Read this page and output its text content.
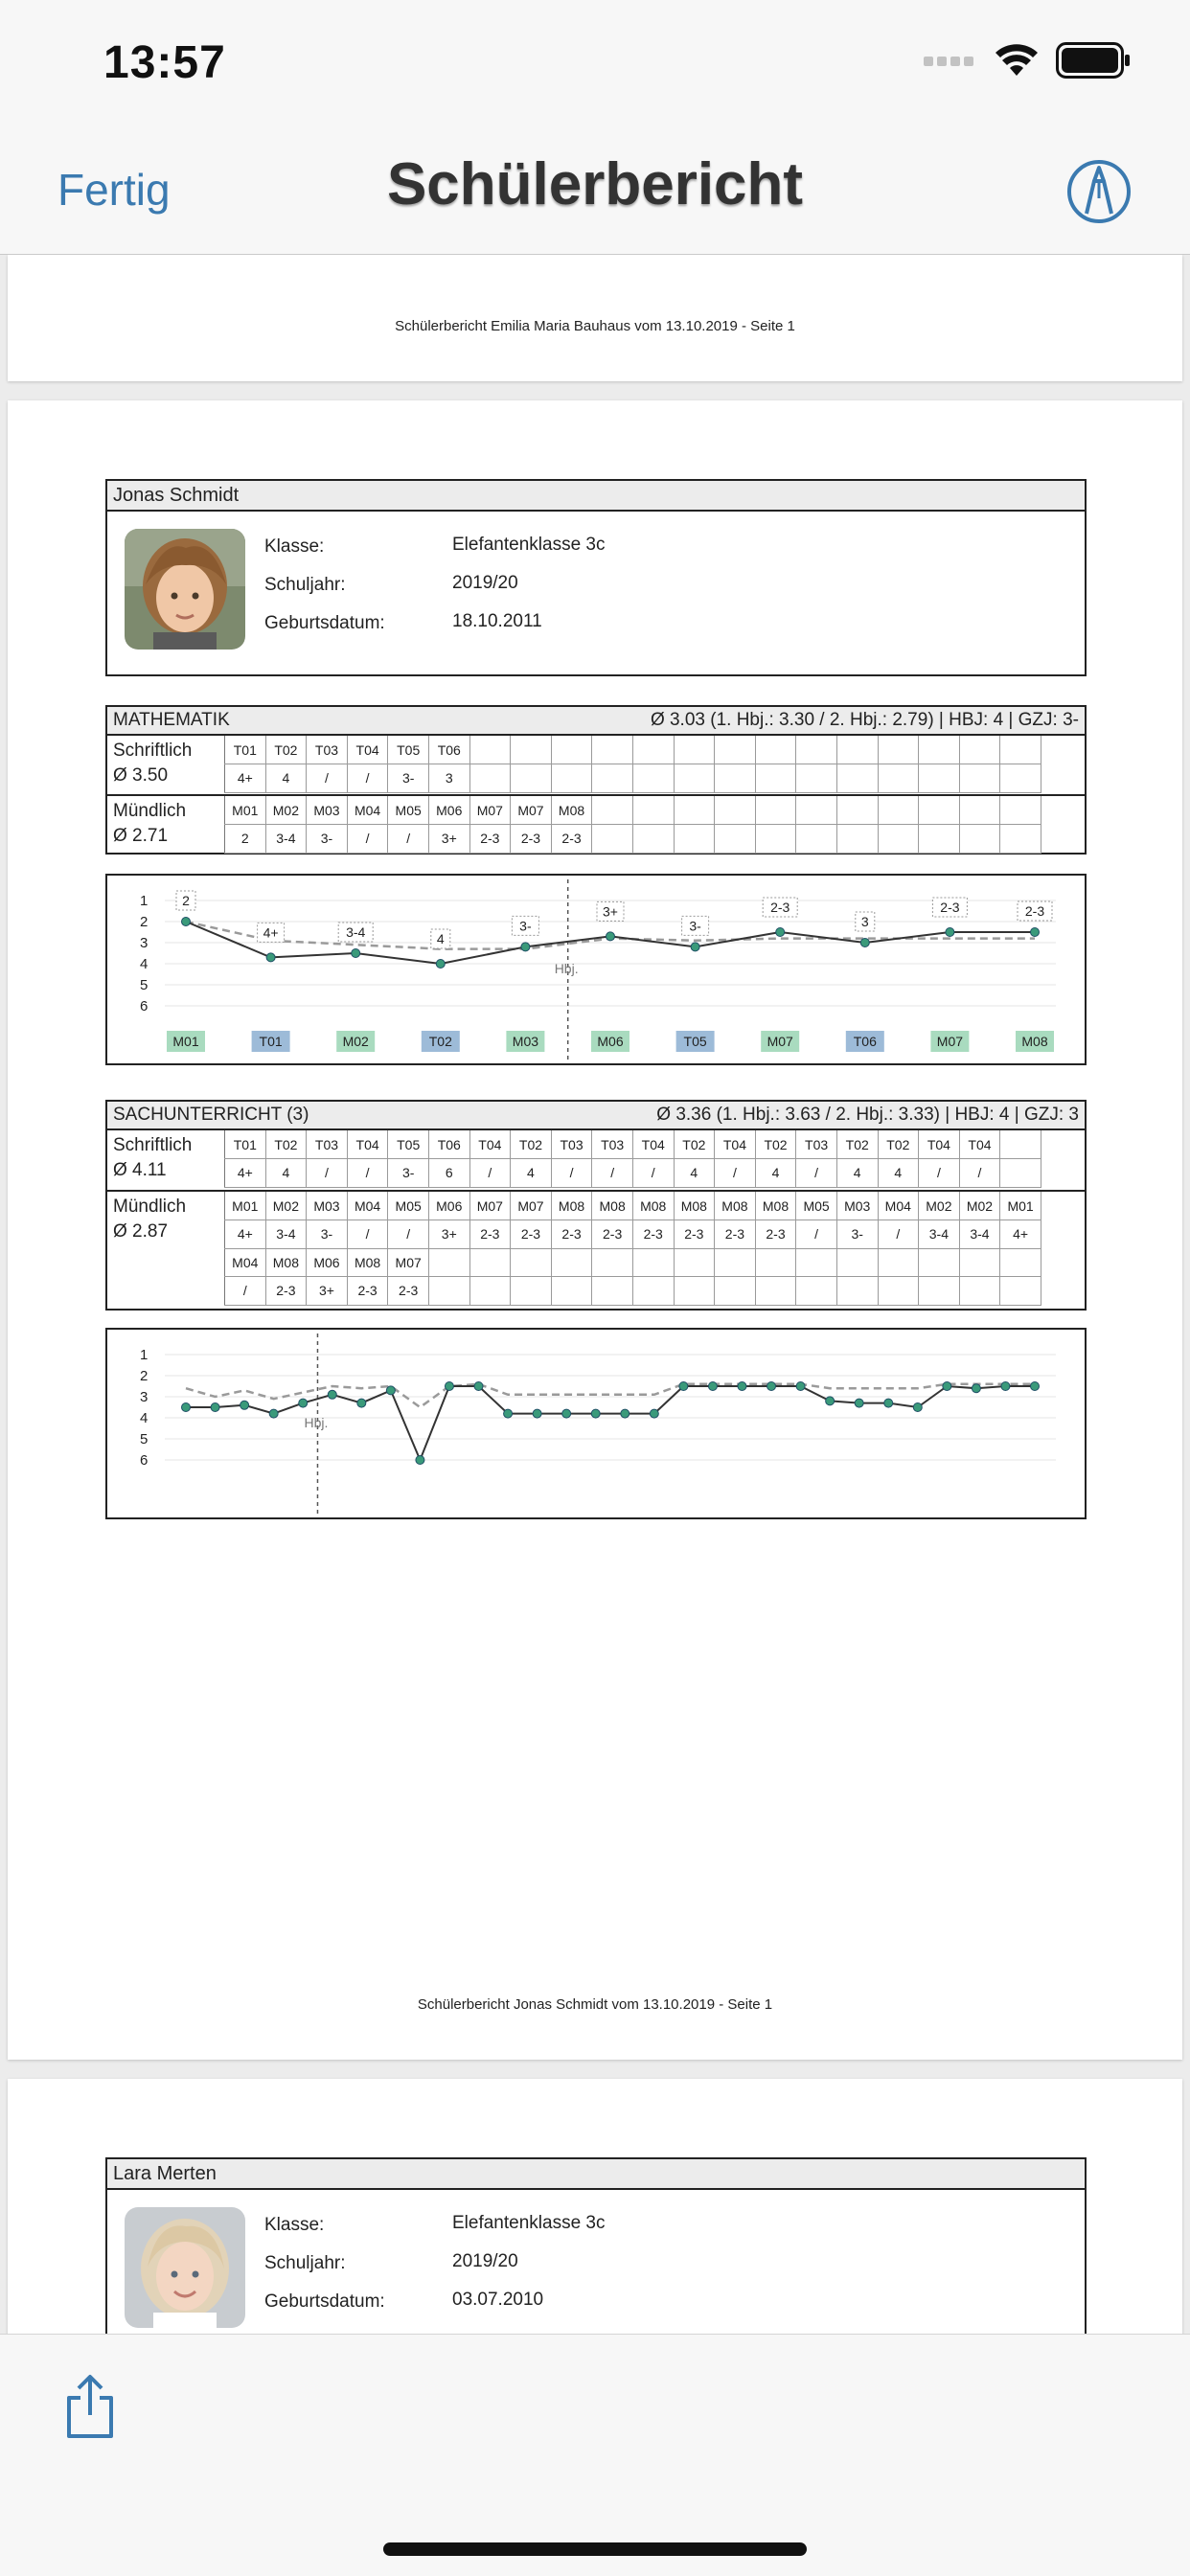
13:57
Fertig	Schülerbericht
Schülerbericht Emilia Maria Bauhaus vom 13.10.2019 - Seite 1
Jonas Schmidt
Klasse:	Elefantenklasse 3c
Schuljahr:	2019/20
Geburtsdatum:	18.10.2011
MATHEMATIK	Ø 3.03 (1. Hbj.: 3.30 / 2. Hbj.: 2.79) | HBJ: 4 | GZJ: 3-
Schriftlich
Ø 3.50
T01	T02	T03	T04	T05	T06														
4+	4	/	/	3-	3														
Mündlich
Ø 2.71
M01	M02	M03	M04	M05	M06	M07	M07	M08											
2	3-4	3-	/	/	3+	2-3	2-3	2-3											
1
2
3
4
5
6
Hbj.
2
4+	3-4	4
3-
3+
3-
2-3
3
2-3	2-3
M01	T01	M02	T02	M03	M06	T05	M07	T06	M07	M08
SACHUNTERRICHT (3)	Ø 3.36 (1. Hbj.: 3.63 / 2. Hbj.: 3.33) | HBJ: 4 | GZJ: 3
Schriftlich
Ø 4.11
T01	T02	T03	T04	T05	T06	T04	T02	T03	T03	T04	T02	T04	T02	T03	T02	T02	T04	T04	
4+	4	/	/	3-	6	/	4	/	/	/	4	/	4	/	4	4	/	/	
Mündlich
Ø 2.87
M01	M02	M03	M04	M05	M06	M07	M07	M08	M08	M08	M08	M08	M08	M05	M03	M04	M02	M02	M01
4+	3-4	3-	/	/	3+	2-3	2-3	2-3	2-3	2-3	2-3	2-3	2-3	/	3-	/	3-4	3-4	4+
M04	M08	M06	M08	M07															
/	2-3	3+	2-3	2-3															
1
2
3
4
5
6
Hbj.
Schülerbericht Jonas Schmidt vom 13.10.2019 - Seite 1
Lara Merten
Klasse:	Elefantenklasse 3c
Schuljahr:	2019/20
Geburtsdatum:	03.07.2010
